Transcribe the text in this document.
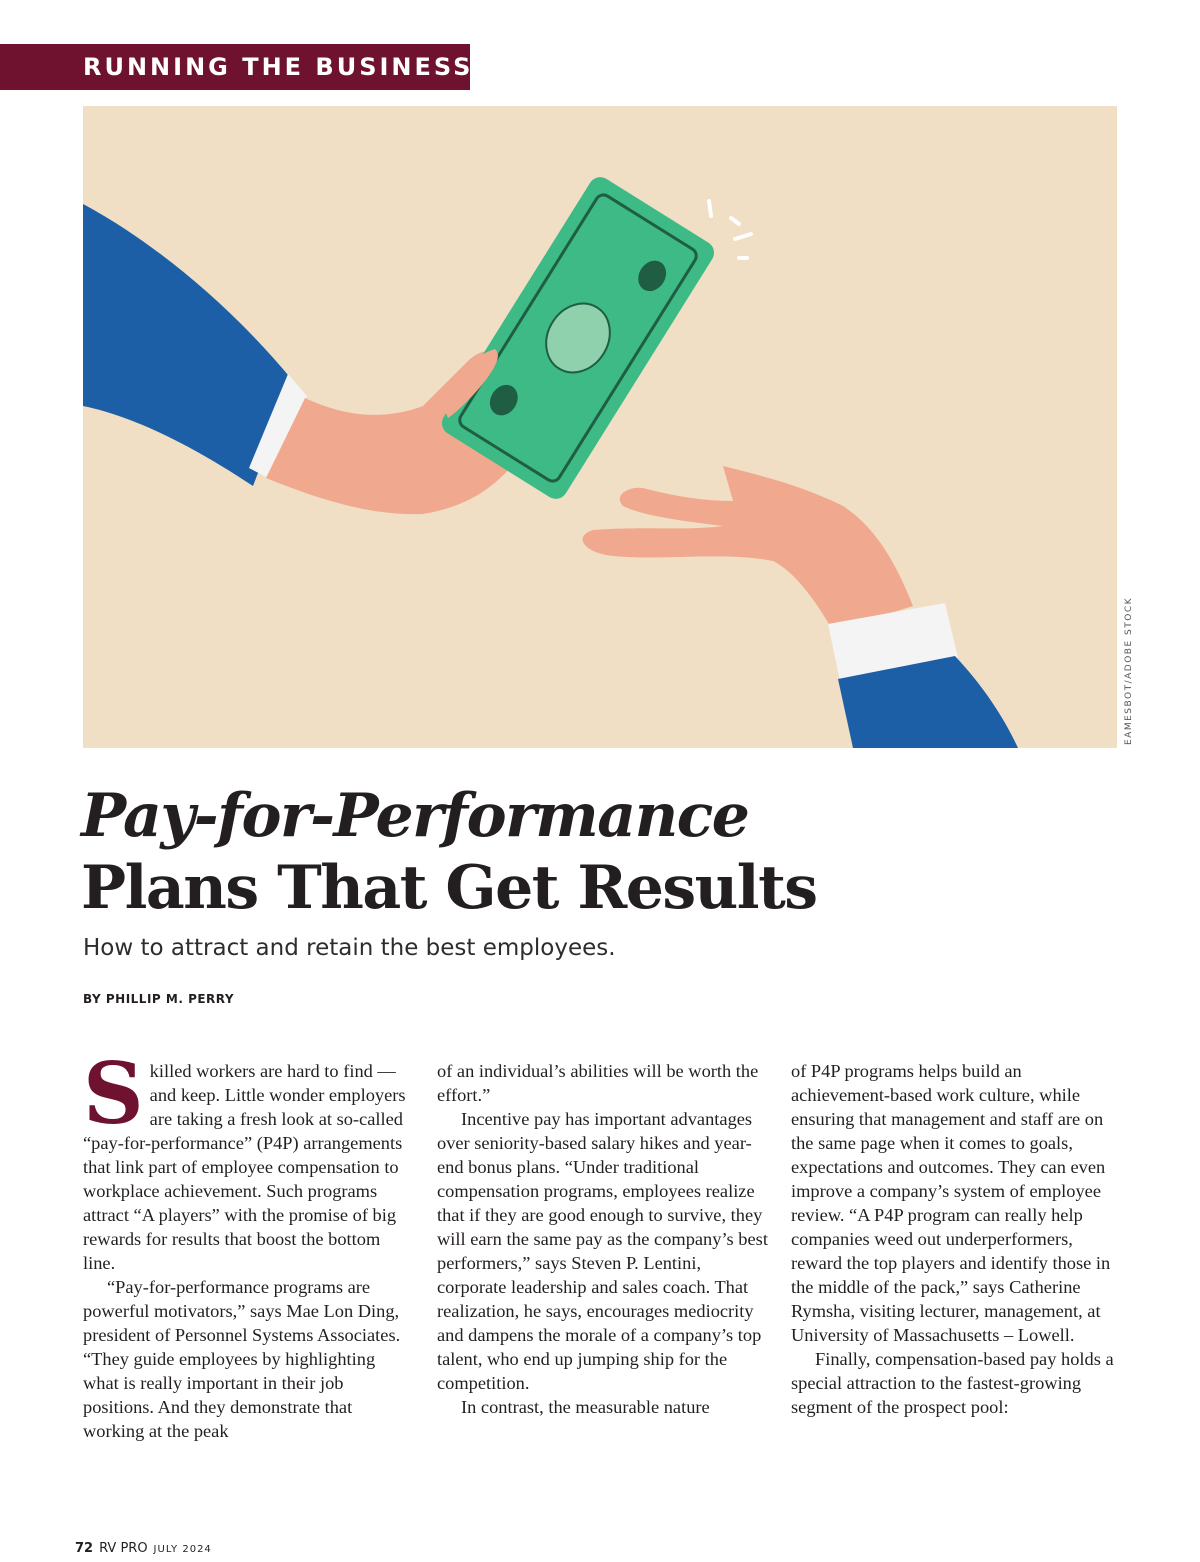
RUNNING THE BUSINESS
EAMESBOT/ADOBE STOCK
Pay-for-Performance
Plans That Get Results
How to attract and retain the best employees.
BY PHILLIP M. PERRY

Skilled workers are hard to find — and keep. Little wonder employers are taking a fresh look at so-called “pay-for-performance” (P4P) arrangements that link part of employee compensation to workplace achievement. Such programs attract “A players” with the promise of big rewards for results that boost the bottom line.

“Pay-for-performance programs are powerful motivators,” says Mae Lon Ding, president of Personnel Systems Associates. “They guide employees by highlighting what is really important in their job positions. And they demonstrate that working at the peak

of an individual’s abilities will be worth the effort.”

Incentive pay has important advantages over seniority-based salary hikes and year-end bonus plans. “Under traditional compensation programs, employees realize that if they are good enough to survive, they will earn the same pay as the company’s best performers,” says Steven P. Lentini, corporate leadership and sales coach. That realization, he says, encourages mediocrity and dampens the morale of a company’s top talent, who end up jumping ship for the competition.

In contrast, the measurable nature

of P4P programs helps build an achievement-based work culture, while ensuring that management and staff are on the same page when it comes to goals, expectations and outcomes. They can even improve a company’s system of employee review. “A P4P program can really help companies weed out underperformers, reward the top players and identify those in the middle of the pack,” says Catherine Rymsha, visiting lecturer, management, at University of Massachusetts – Lowell.

Finally, compensation-based pay holds a special attraction to the fastest-growing segment of the prospect pool:

72 RV PRO JULY 2024
